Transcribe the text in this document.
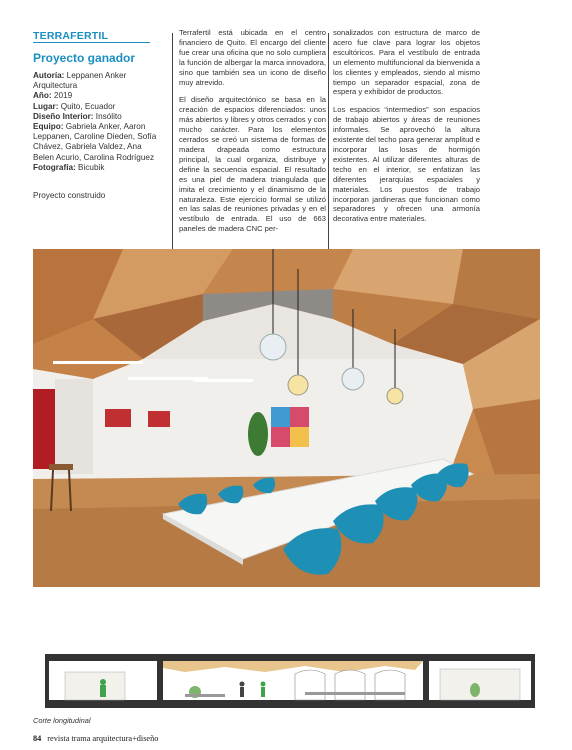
TERRAFERTIL
Proyecto ganador
Autoría: Leppanen Anker Arquitectura
Año: 2019
Lugar: Quito, Ecuador
Diseño Interior: Insólito
Equipo: Gabriela Anker, Aaron Leppanen, Caroline Dieden, Sofía Chávez, Gabriela Valdez, Ana Belen Acurio, Carolina Rodríguez
Fotografía: Bicubik
Proyecto construido

Terrafertil está ubicada en el centro financiero de Quito. El encargo del cliente fue crear una oficina que no solo cumpliera la función de albergar la marca innovadora, sino que también sea un icono de diseño muy atrevido.

El diseño arquitectónico se basa en la creación de espacios diferenciados: unos más abiertos y libres y otros cerrados y con mucho carácter. Para los elementos cerrados se creó un sistema de formas de madera drapeada como estructura principal, la cual organiza, distribuye y define la secuencia espacial. El resultado es una piel de madera triangulada que imita el crecimiento y el dinamismo de la naturaleza. Este ejercicio formal se utilizó en las salas de reuniones privadas y en el vestíbulo de entrada. El uso de 663 paneles de madera CNC per-

sonalizados con estructura de marco de acero fue clave para lograr los objetos escultóricos. Para el vestíbulo de entrada un elemento multifuncional da bienvenida a los clientes y empleados, siendo al mismo tiempo un separador espacial, zona de espera y exhibidor de productos.

Los espacios “intermedios” son espacios de trabajo abiertos y áreas de reuniones informales. Se aprovechó la altura existente del techo para generar amplitud e incorporar las losas de hormigón existentes. Al utilizar diferentes alturas de techo en el interior, se enfatizan las diferentes jerarquías espaciales y materiales. Los puestos de trabajo incorporan jardineras que funcionan como separadores y ofrecen una armonía decorativa entre materiales.

Corte longitudinal
84 revista trama arquitectura+diseño
